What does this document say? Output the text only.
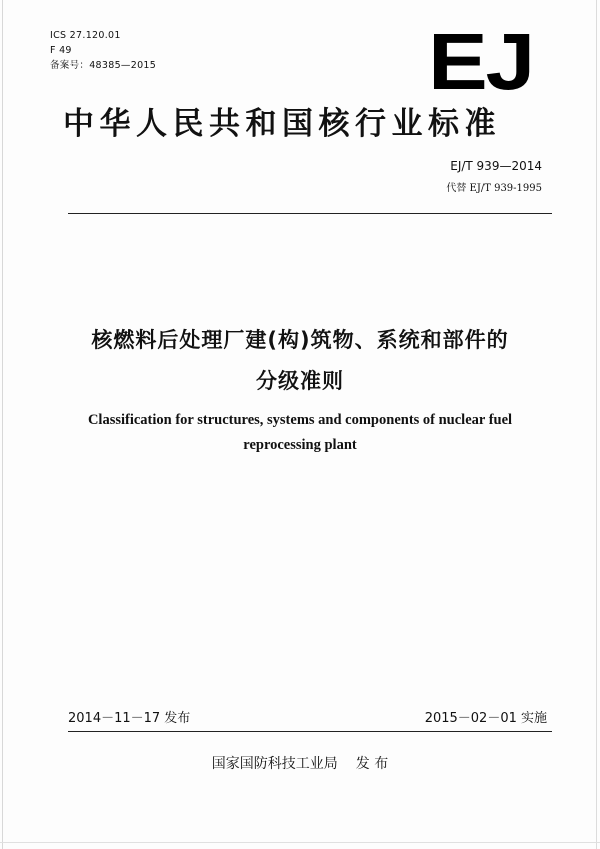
ICS 27.120.01
F 49
备案号：48385—2015	EJ
中华人民共和国核行业标准
EJ/T 939—2014
代替 EJ/T 939-1995
核燃料后处理厂建(构)筑物、系统和部件的
分级准则
Classification for structures, systems and components of nuclear fuel
reprocessing plant
2014－11－17 发布	2015－02－01 实施
国家国防科技工业局 发 布
